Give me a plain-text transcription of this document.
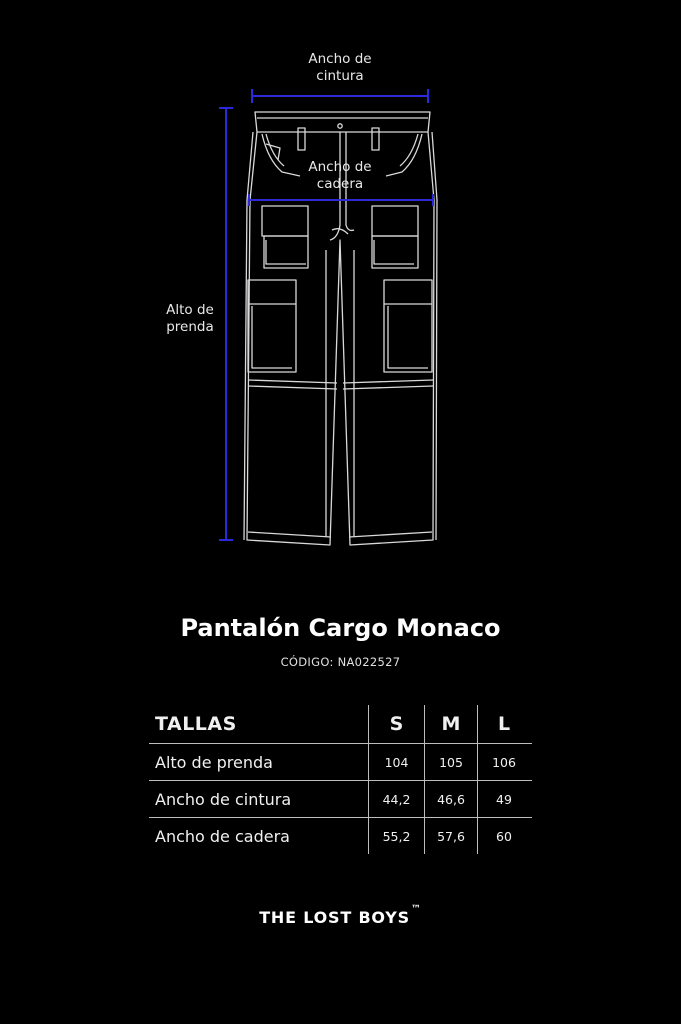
Ancho de
cintura
Ancho de
cadera
Alto de
prenda
Pantalón Cargo Monaco
CÓDIGO: NA022527
TALLAS	S	M	L
Alto de prenda	104	105	106
Ancho de cintura	44,2	46,6	49
Ancho de cadera	55,2	57,6	60
THE LOST BOYS™
